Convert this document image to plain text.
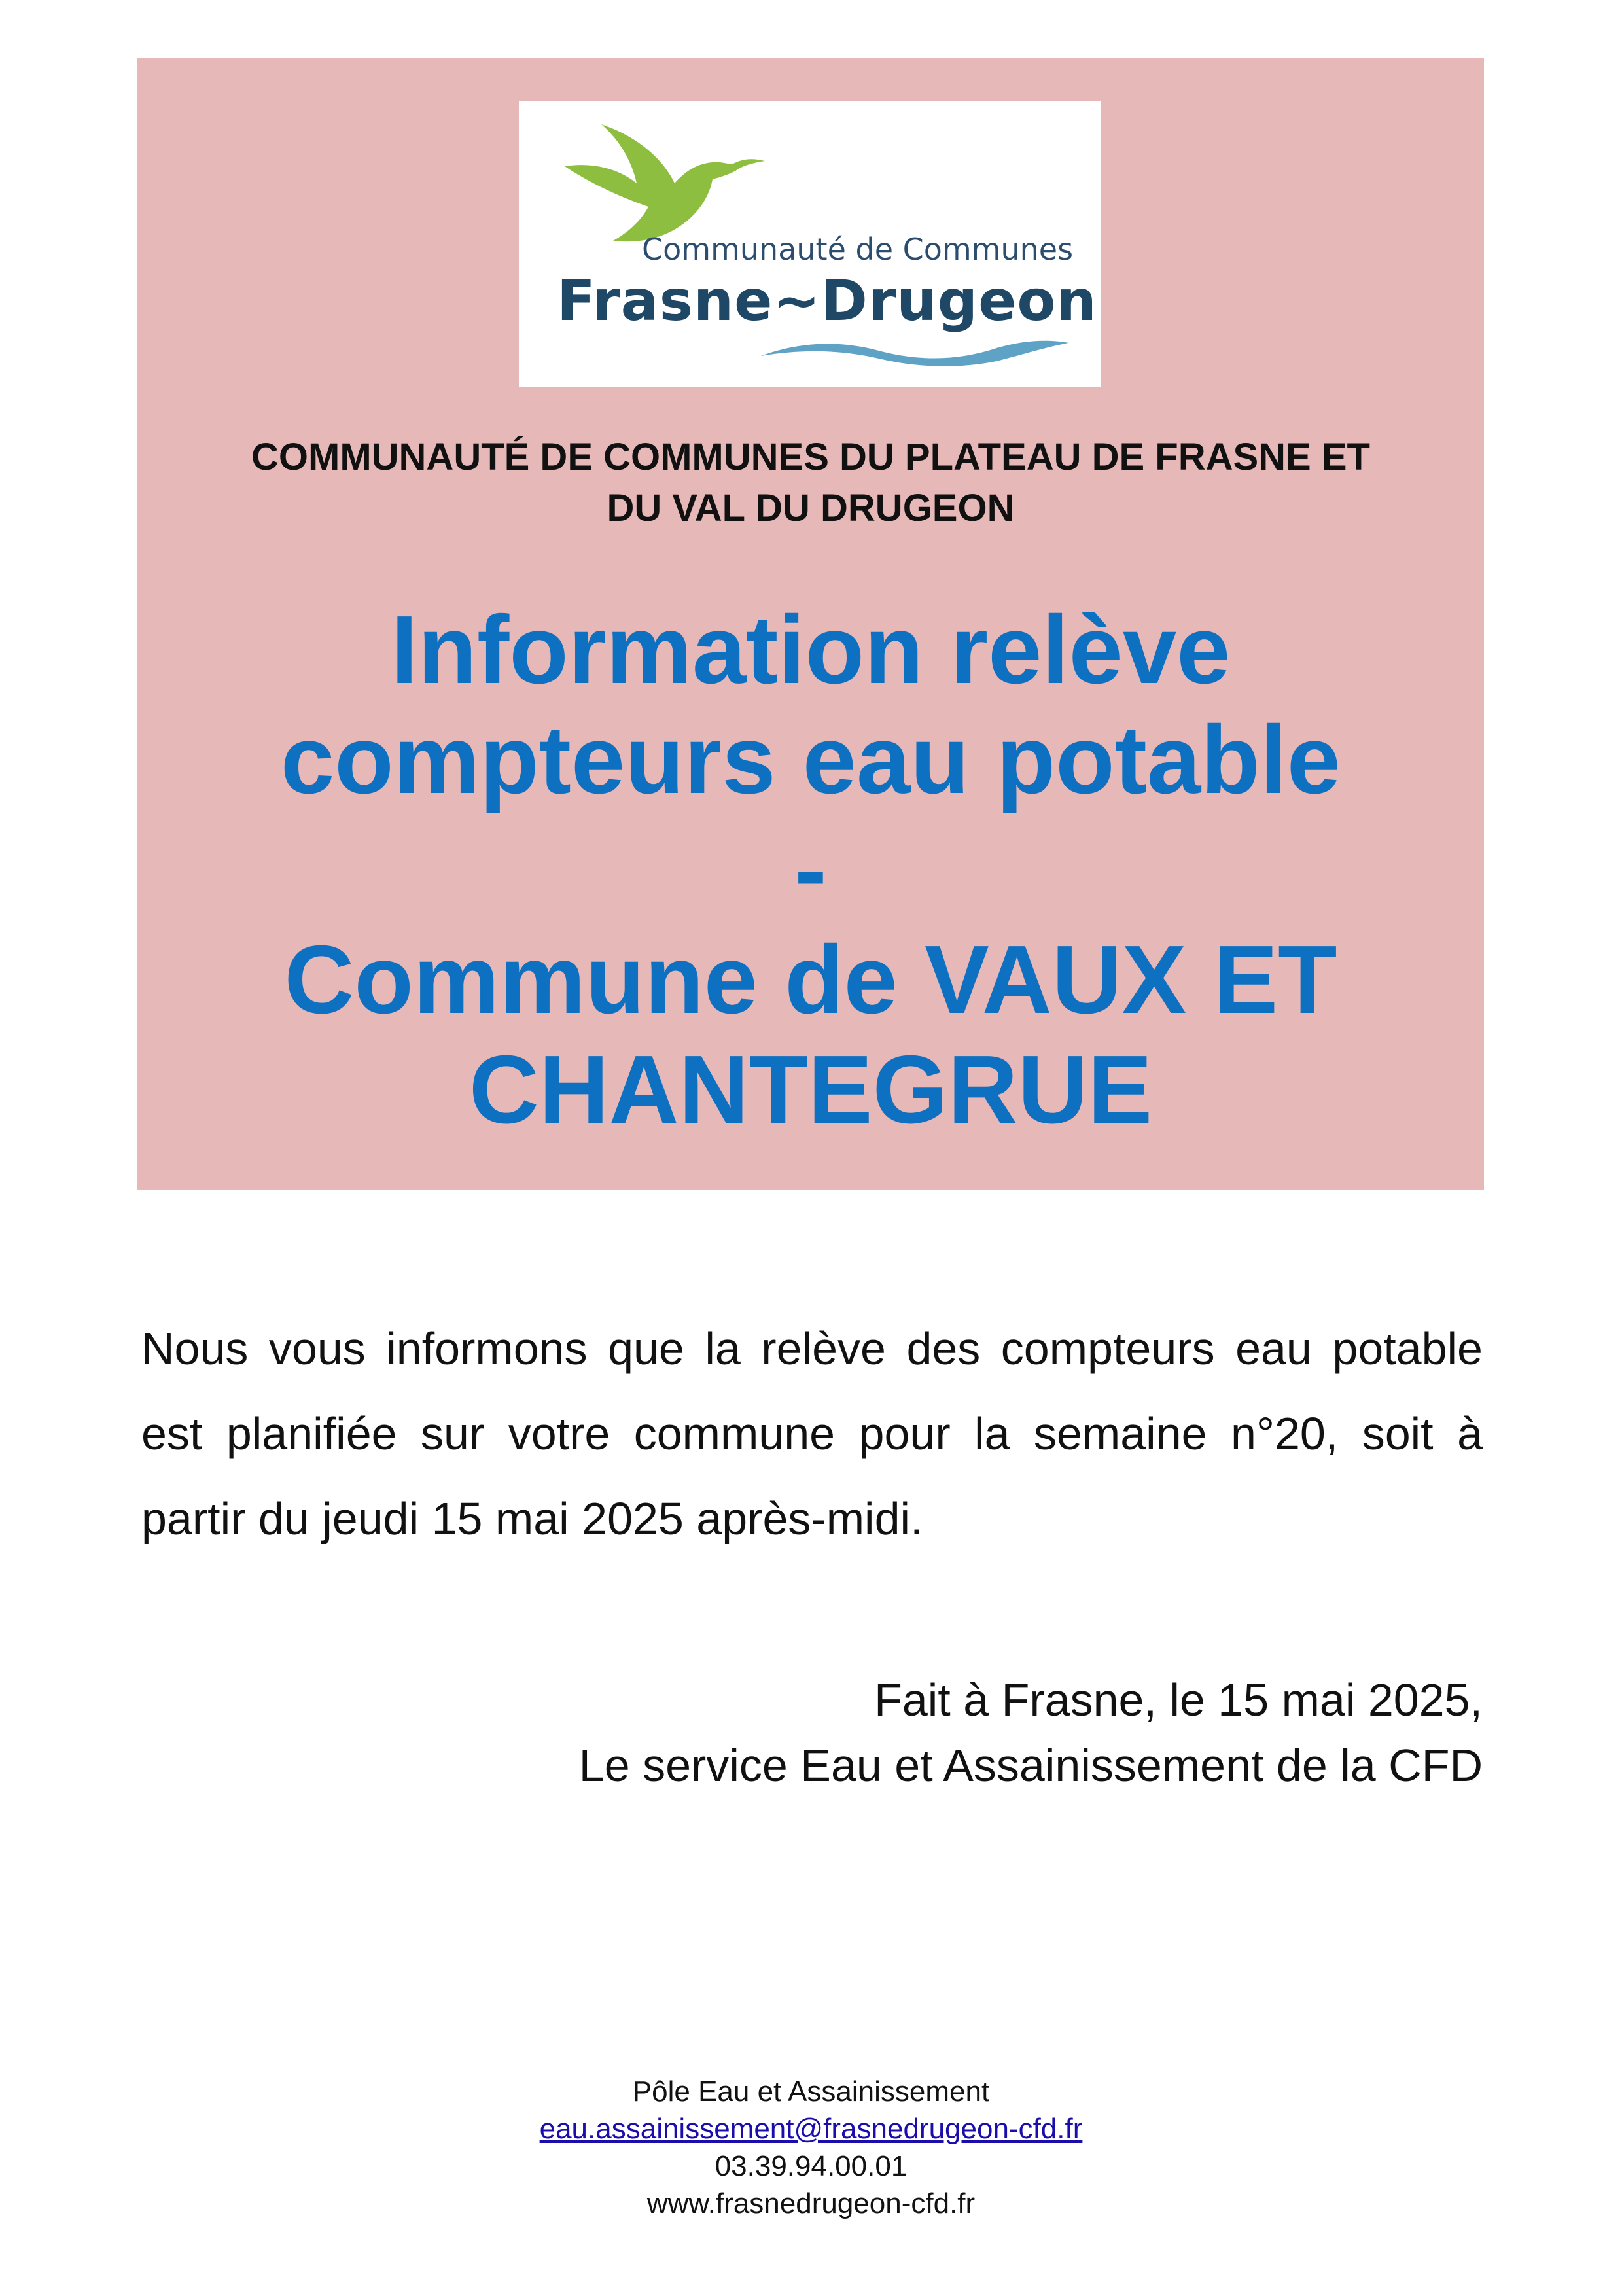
Communauté de Communes
Frasne~Drugeon
COMMUNAUTÉ DE COMMUNES DU PLATEAU DE FRASNE ET
DU VAL DU DRUGEON
Information relève
compteurs eau potable
-
Commune de VAUX ET
CHANTEGRUE
Nous vous informons que la relève des compteurs eau potable est planifiée sur votre commune pour la semaine n°20, soit à partir du jeudi 15 mai 2025 après-midi.
Fait à Frasne, le 15 mai 2025,
Le service Eau et Assainissement de la CFD
Pôle Eau et Assainissement
eau.assainissement@frasnedrugeon-cfd.fr
03.39.94.00.01
www.frasnedrugeon-cfd.fr
